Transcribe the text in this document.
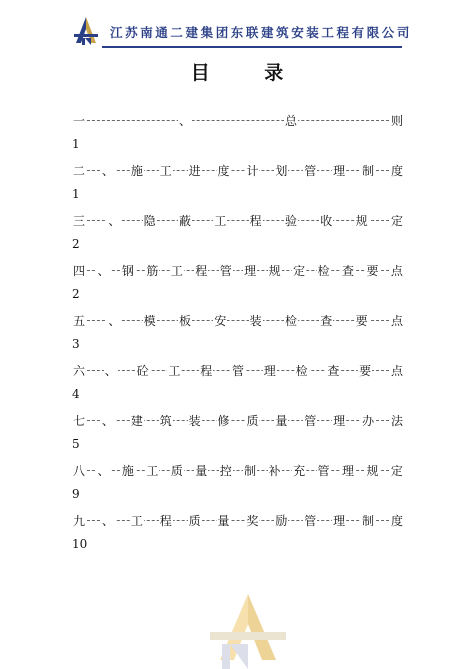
江苏南通二建集团东联建筑安装工程有限公司
目 录
一	、	总	则
1
二 、 施 工 进 度 计 划 管 理 制 度
1
三 、 隐 蔽 工 程 验 收 规 定
2
四 、 钢 筋 工 程 管 理 规 定 检 查 要 点
2
五 、 模 板 安 装 检 查 要 点
3
六 、 砼 工 程 管 理 检 查 要 点
4
七 、 建 筑 装 修 质 量 管 理 办 法
5
八 、 施 工 质 量 控 制 补 充 管 理 规 定
9
九 、 工 程 质 量 奖 励 管 理 制 度
10
